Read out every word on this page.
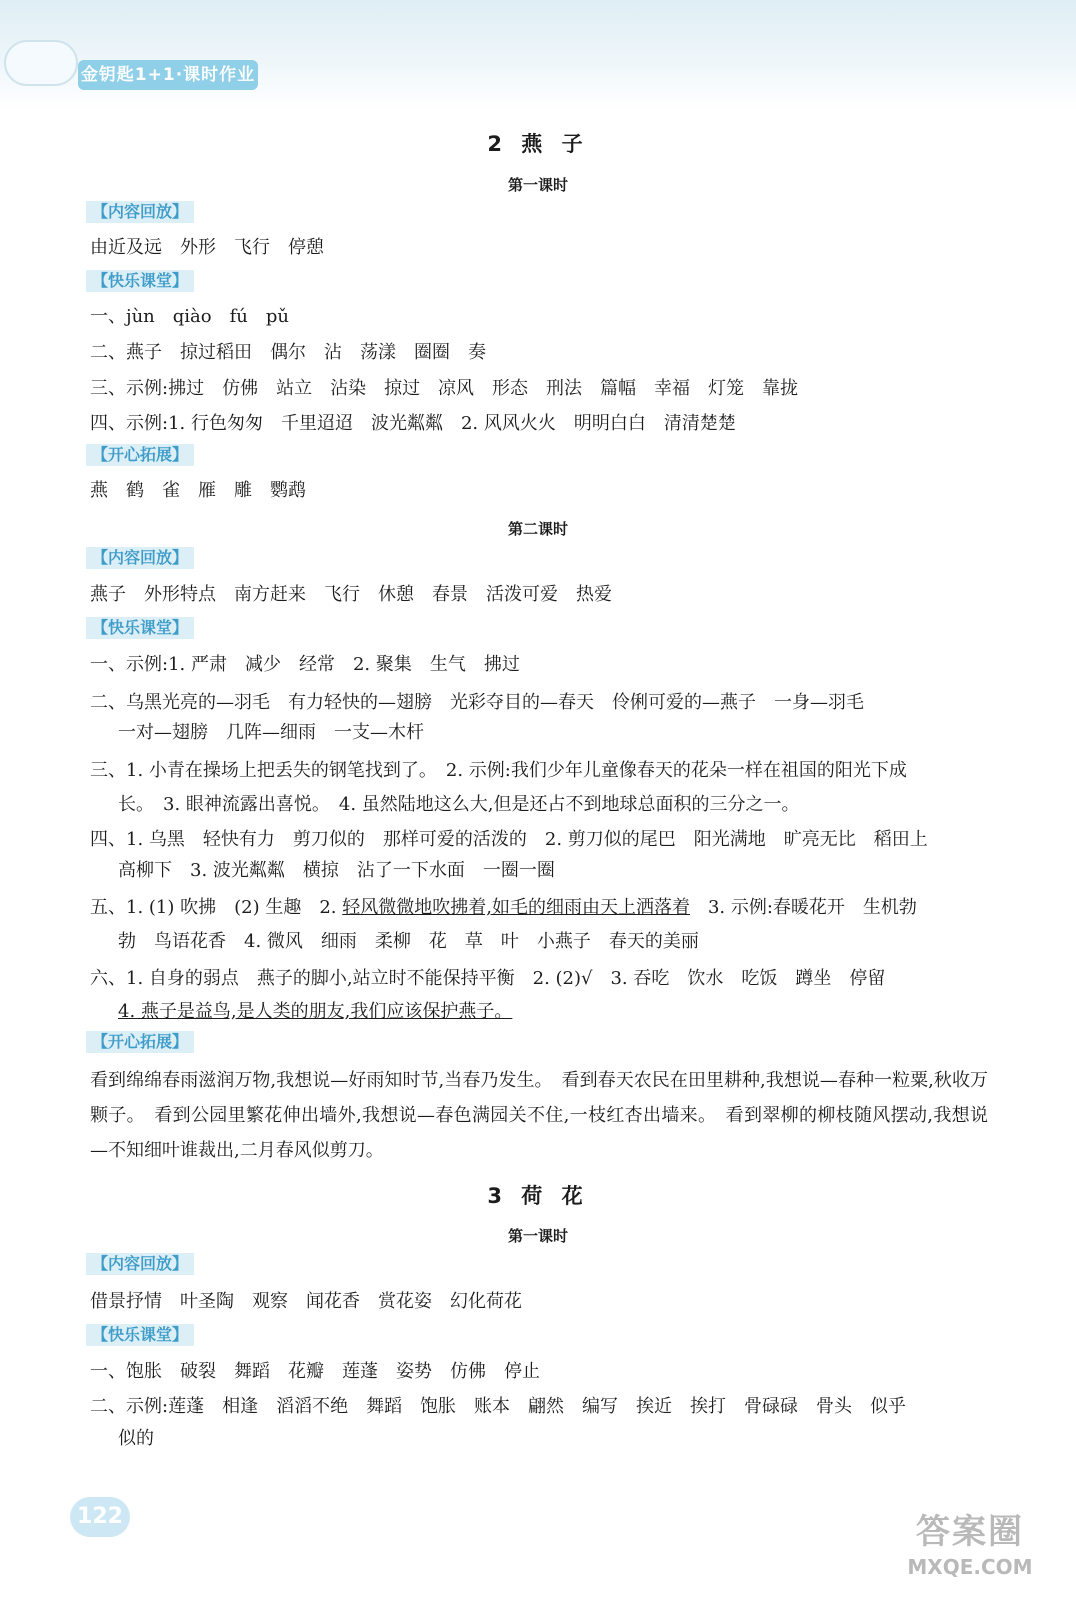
金钥匙1+1·课时作业
2 燕 子
第一课时
【内容回放】
由近及远　外形　飞行　停憩
【快乐课堂】
一、jùn　qiào　fú　pǔ
二、燕子　掠过稻田　偶尔　沾　荡漾　圈圈　奏
三、示例:拂过　仿佛　站立　沾染　掠过　凉风　形态　刑法　篇幅　幸福　灯笼　靠拢
四、示例:1. 行色匆匆　千里迢迢　波光粼粼　2. 风风火火　明明白白　清清楚楚
【开心拓展】
燕　鹤　雀　雁　雕　鹦鹉
第二课时
【内容回放】
燕子　外形特点　南方赶来　飞行　休憩　春景　活泼可爱　热爱
【快乐课堂】
一、示例:1. 严肃　减少　经常　2. 聚集　生气　拂过
二、乌黑光亮的—羽毛　有力轻快的—翅膀　光彩夺目的—春天　伶俐可爱的—燕子　一身—羽毛
一对—翅膀　几阵—细雨　一支—木杆
三、1. 小青在操场上把丢失的钢笔找到了。　2. 示例:我们少年儿童像春天的花朵一样在祖国的阳光下成
长。　3. 眼神流露出喜悦。　4. 虽然陆地这么大,但是还占不到地球总面积的三分之一。
四、1. 乌黑　轻快有力　剪刀似的　那样可爱的活泼的　2. 剪刀似的尾巴　阳光满地　旷亮无比　稻田上
高柳下　3. 波光粼粼　横掠　沾了一下水面　一圈一圈
五、1. (1) 吹拂　(2) 生趣　2. 轻风微微地吹拂着,如毛的细雨由天上洒落着　3. 示例:春暖花开　生机勃
勃　鸟语花香　4. 微风　细雨　柔柳　花　草　叶　小燕子　春天的美丽
六、1. 自身的弱点　燕子的脚小,站立时不能保持平衡　2. (2)√　3. 吞吃　饮水　吃饭　蹲坐　停留
4. 燕子是益鸟,是人类的朋友,我们应该保护燕子。
【开心拓展】
看到绵绵春雨滋润万物,我想说—好雨知时节,当春乃发生。　看到春天农民在田里耕种,我想说—春种一粒粟,秋收万颗子。　看到公园里繁花伸出墙外,我想说—春色满园关不住,一枝红杏出墙来。　看到翠柳的柳枝随风摆动,我想说—不知细叶谁裁出,二月春风似剪刀。
3 荷 花
第一课时
【内容回放】
借景抒情　叶圣陶　观察　闻花香　赏花姿　幻化荷花
【快乐课堂】
一、饱胀　破裂　舞蹈　花瓣　莲蓬　姿势　仿佛　停止
二、示例:莲蓬　相逢　滔滔不绝　舞蹈　饱胀　账本　翩然　编写　挨近　挨打　骨碌碌　骨头　似乎
似的
122	答案圈
MXQE.COM
